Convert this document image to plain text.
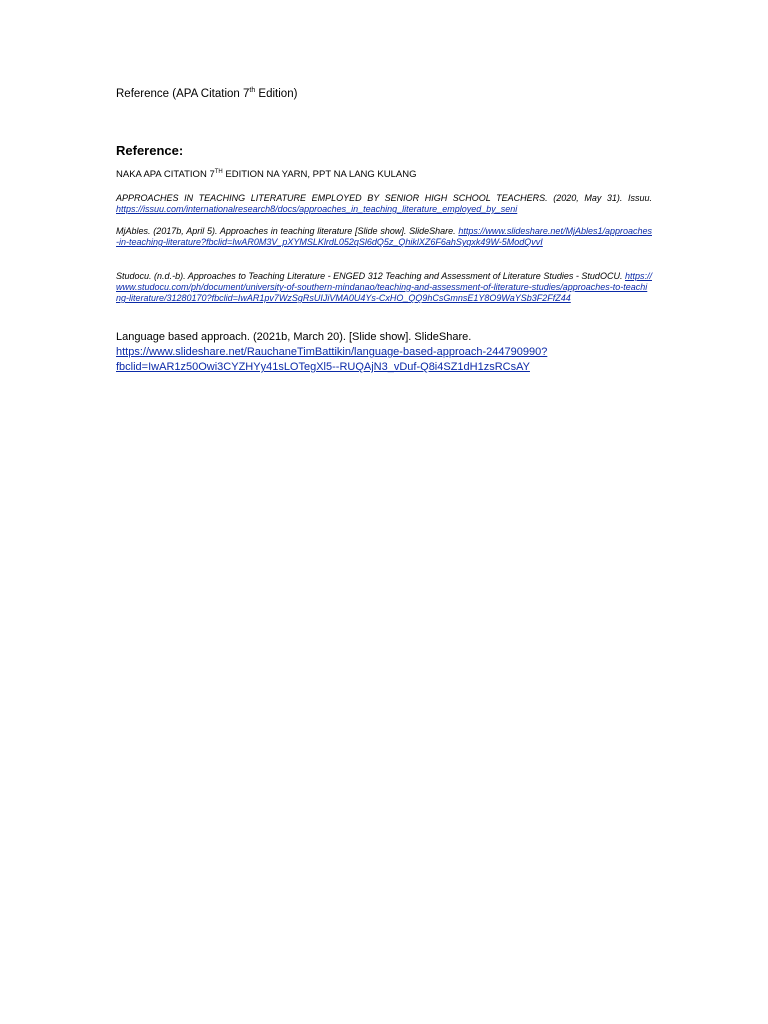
Reference (APA Citation 7th Edition)
Reference:
NAKA APA CITATION 7TH EDITION NA YARN, PPT NA LANG KULANG
APPROACHES IN TEACHING LITERATURE EMPLOYED BY SENIOR HIGH SCHOOL TEACHERS. (2020, May 31). Issuu. https://issuu.com/internationalresearch8/docs/approaches_in_teaching_literature_employed_by_seni
MjAbles. (2017b, April 5). Approaches in teaching literature [Slide show]. SlideShare. https://www.slideshare.net/MjAbles1/approaches-in-teaching-literature?fbclid=IwAR0M3V_pXYMSLKlrdL052qSl6dQ5z_QhiklXZ6F6ahSyqxk49W-5ModQvvI
Studocu. (n.d.-b). Approaches to Teaching Literature - ENGED 312 Teaching and Assessment of Literature Studies - StudOCU. https://www.studocu.com/ph/document/university-of-southern-mindanao/teaching-and-assessment-of-literature-studies/approaches-to-teaching-literature/31280170?fbclid=IwAR1pv7WzSgRsUIJiVMA0U4Ys-CxHO_QQ9hCsGmnsE1Y8O9WaYSb3F2FfZ44
Language based approach. (2021b, March 20). [Slide show]. SlideShare.
https://www.slideshare.net/RauchaneTimBattikin/language-based-approach-244790990?
fbclid=IwAR1z50Owi3CYZHYy41sLOTegXl5--RUQAjN3_vDuf-Q8i4SZ1dH1zsRCsAY
